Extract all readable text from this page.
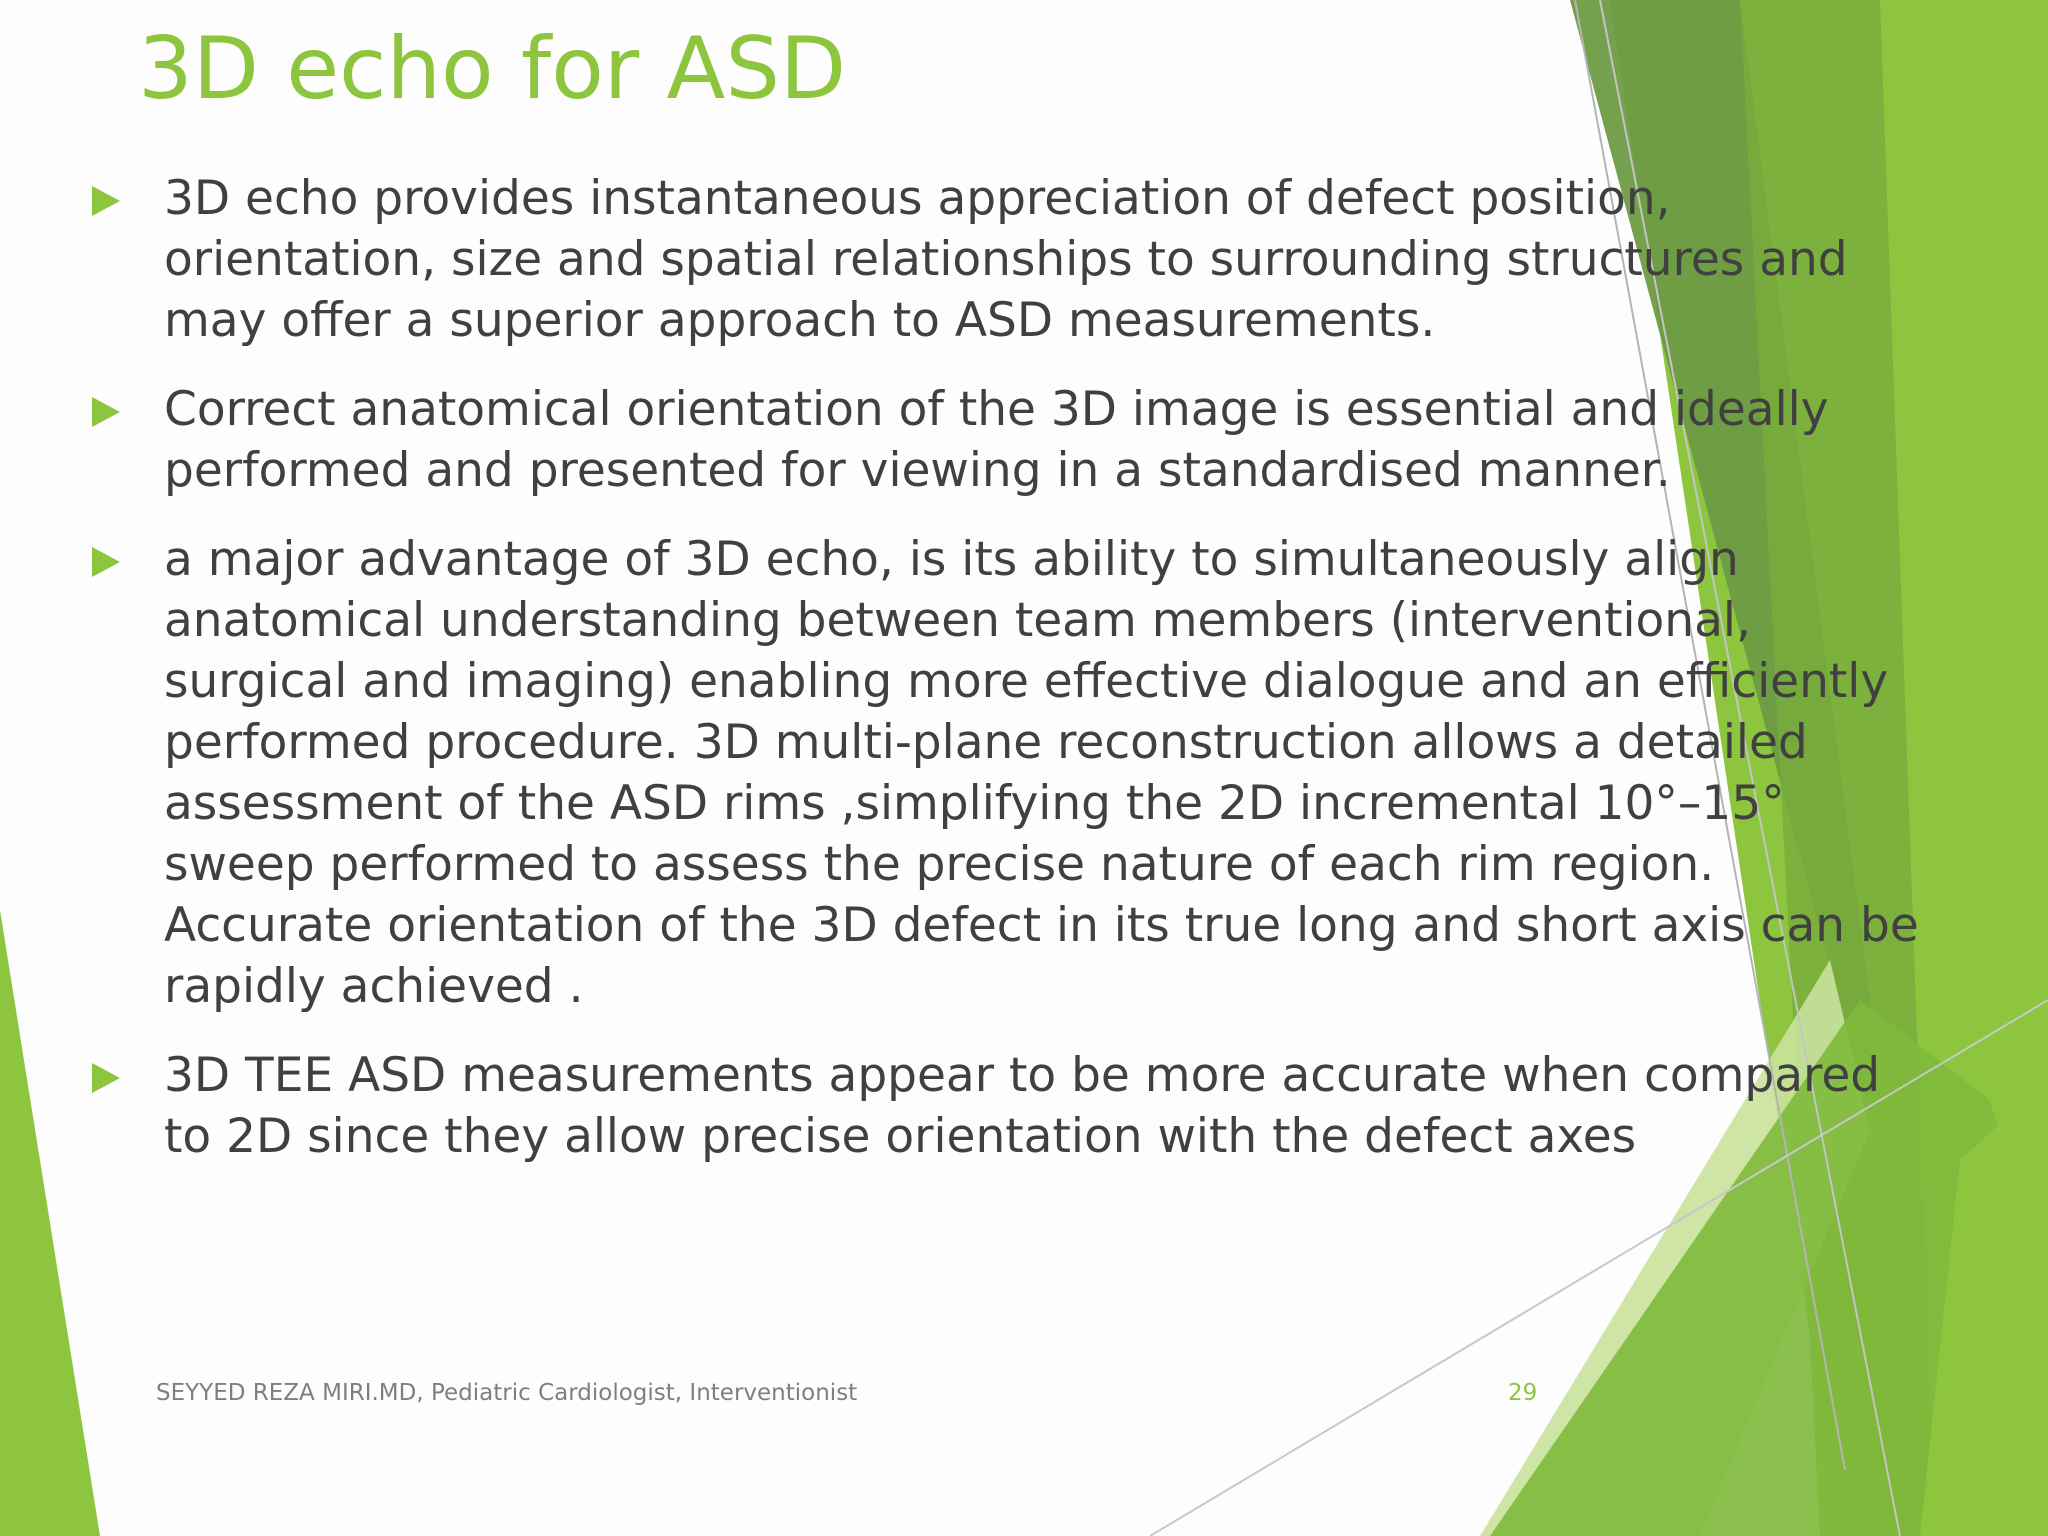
3D echo for ASD
3D echo provides instantaneous appreciation of defect position, orientation, size and spatial relationships to surrounding structures and may offer a superior approach to ASD measurements.
Correct anatomical orientation of the 3D image is essential and ideally performed and presented for viewing in a standardised manner.
a major advantage of 3D echo, is its ability to simultaneously align anatomical understanding between team members (interventional, surgical and imaging) enabling more effective dialogue and an efficiently performed procedure. 3D multi-plane reconstruction allows a detailed assessment of the ASD rims ,simplifying the 2D incremental 10°–15° sweep performed to assess the precise nature of each rim region. Accurate orientation of the 3D defect in its true long and short axis can be rapidly achieved .
3D TEE ASD measurements appear to be more accurate when compared to 2D since they allow precise orientation with the defect axes
SEYYED REZA MIRI.MD, Pediatric Cardiologist, Interventionist	29
